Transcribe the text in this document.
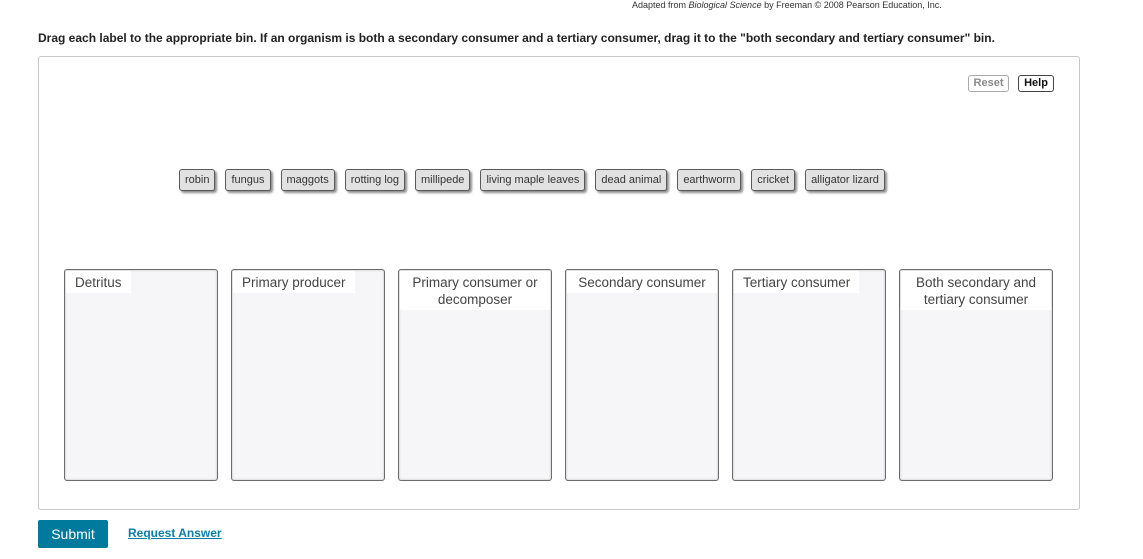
Adapted from Biological Science by Freeman © 2008 Pearson Education, Inc.
Drag each label to the appropriate bin. If an organism is both a secondary consumer and a tertiary consumer, drag it to the "both secondary and tertiary consumer" bin.
Reset	Help
robin	fungus	maggots	rotting log	millipede	living maple leaves	dead animal	earthworm	cricket	alligator lizard
Detritus	Primary producer	Primary consumer or decomposer
Secondary consumer	Tertiary consumer	Both secondary and tertiary consumer
Submit	Request Answer
